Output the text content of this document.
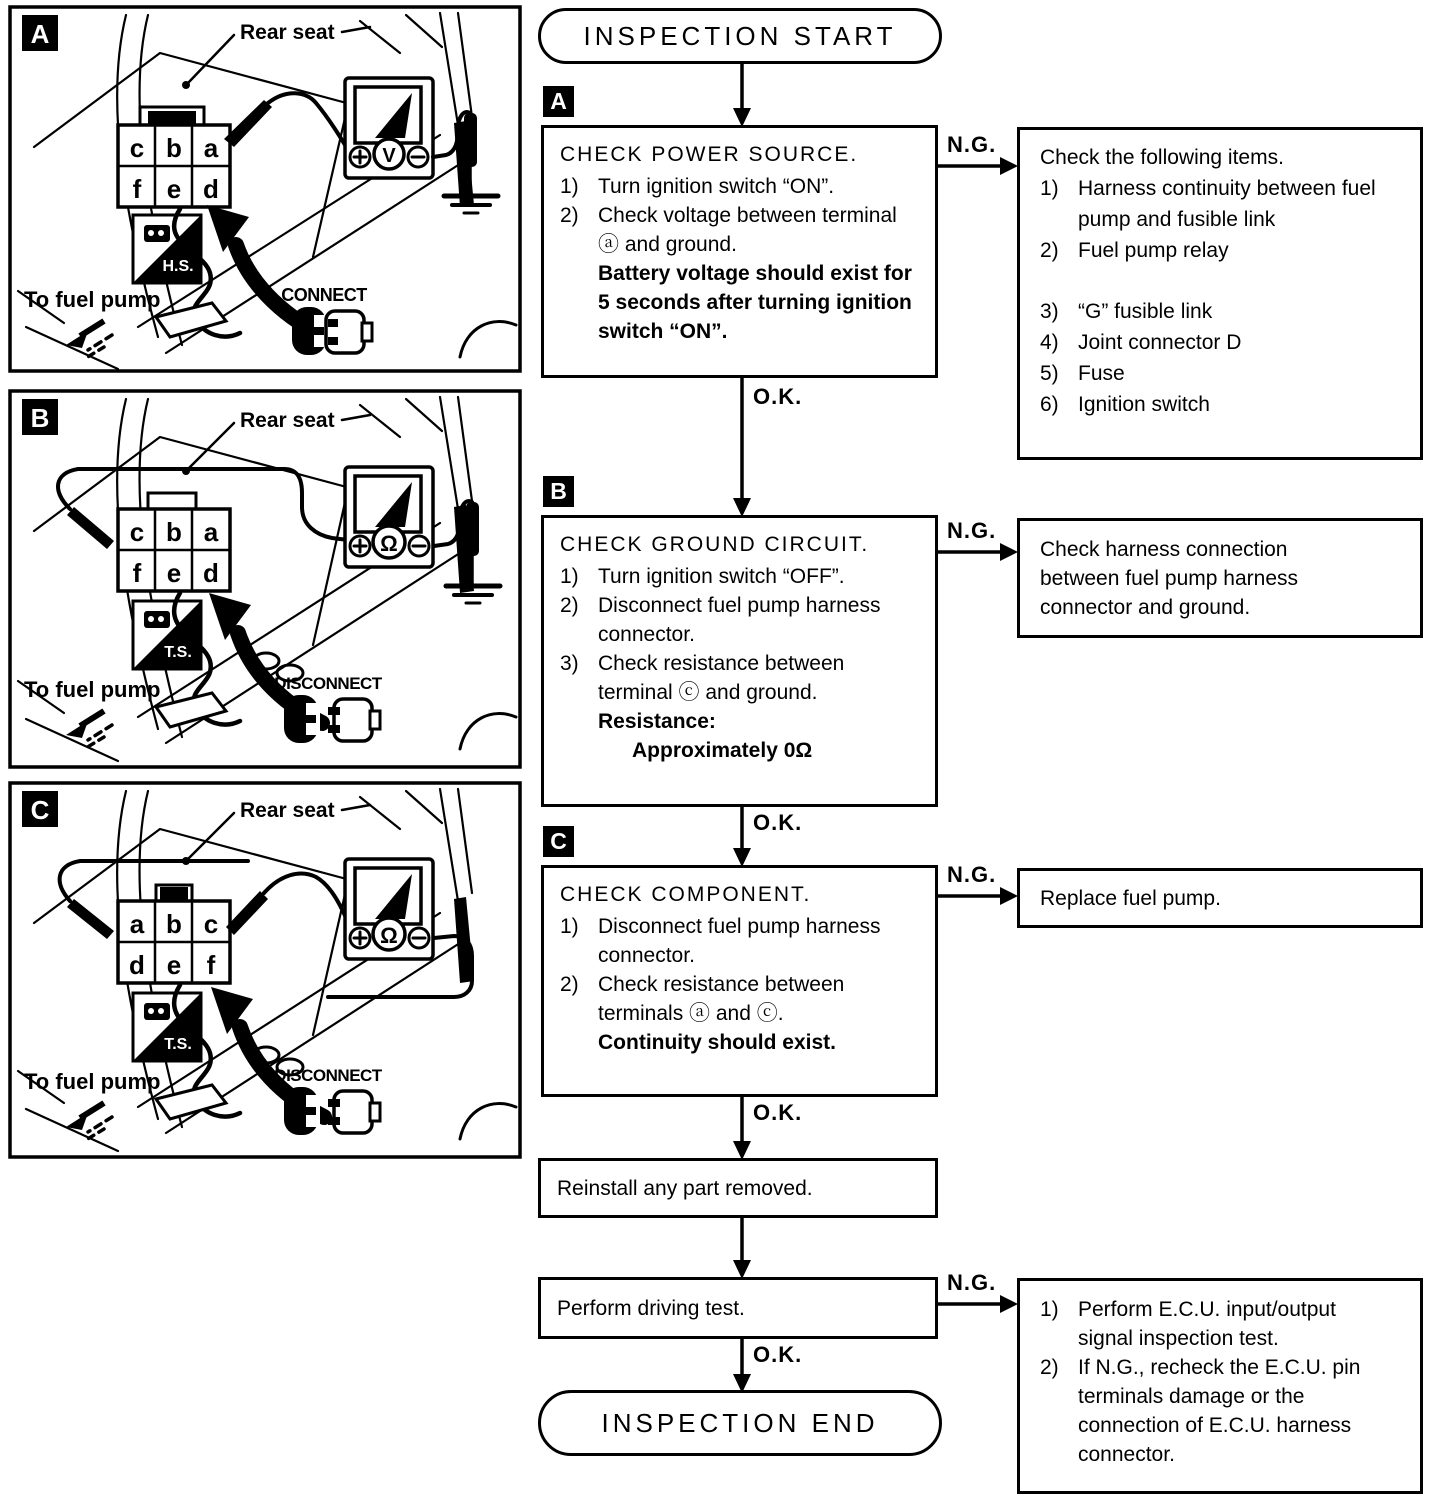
INSPECTION START
A
CHECK POWER SOURCE.
1) Turn ignition switch “ON”.
2) Check voltage between terminal ⓐ and ground.
Battery voltage should exist for 5 seconds after turning ignition switch “ON”.
N.G.
O.K.
Check the following items.
1) Harness continuity between fuel pump and fusible link
2) Fuel pump relay
3) “G” fusible link
4) Joint connector D
5) Fuse
6) Ignition switch
B
CHECK GROUND CIRCUIT.
1) Turn ignition switch “OFF”.
2) Disconnect fuel pump harness connector.
3) Check resistance between terminal ⓒ and ground.
Resistance:
Approximately 0Ω
N.G.
O.K.
Check harness connection between fuel pump harness connector and ground.
C
CHECK COMPONENT.
1) Disconnect fuel pump harness connector.
2) Check resistance between terminals ⓐ and ⓒ.
Continuity should exist.
N.G.
O.K.
Replace fuel pump.
Reinstall any part removed.
Perform driving test.
N.G.
O.K.
1) Perform E.C.U. input/output signal inspection test.
2) If N.G., recheck the E.C.U. pin terminals damage or the connection of E.C.U. harness connector.
INSPECTION END
A	Rear seat
c b a
f e d
V
H.S.
To fuel pump	CONNECT
B	Rear seat
c b a
f e d
Ω
T.S.
To fuel pump	DISCONNECT
C	Rear seat
a b c
d e f
Ω
T.S.
To fuel pump	DISCONNECT
